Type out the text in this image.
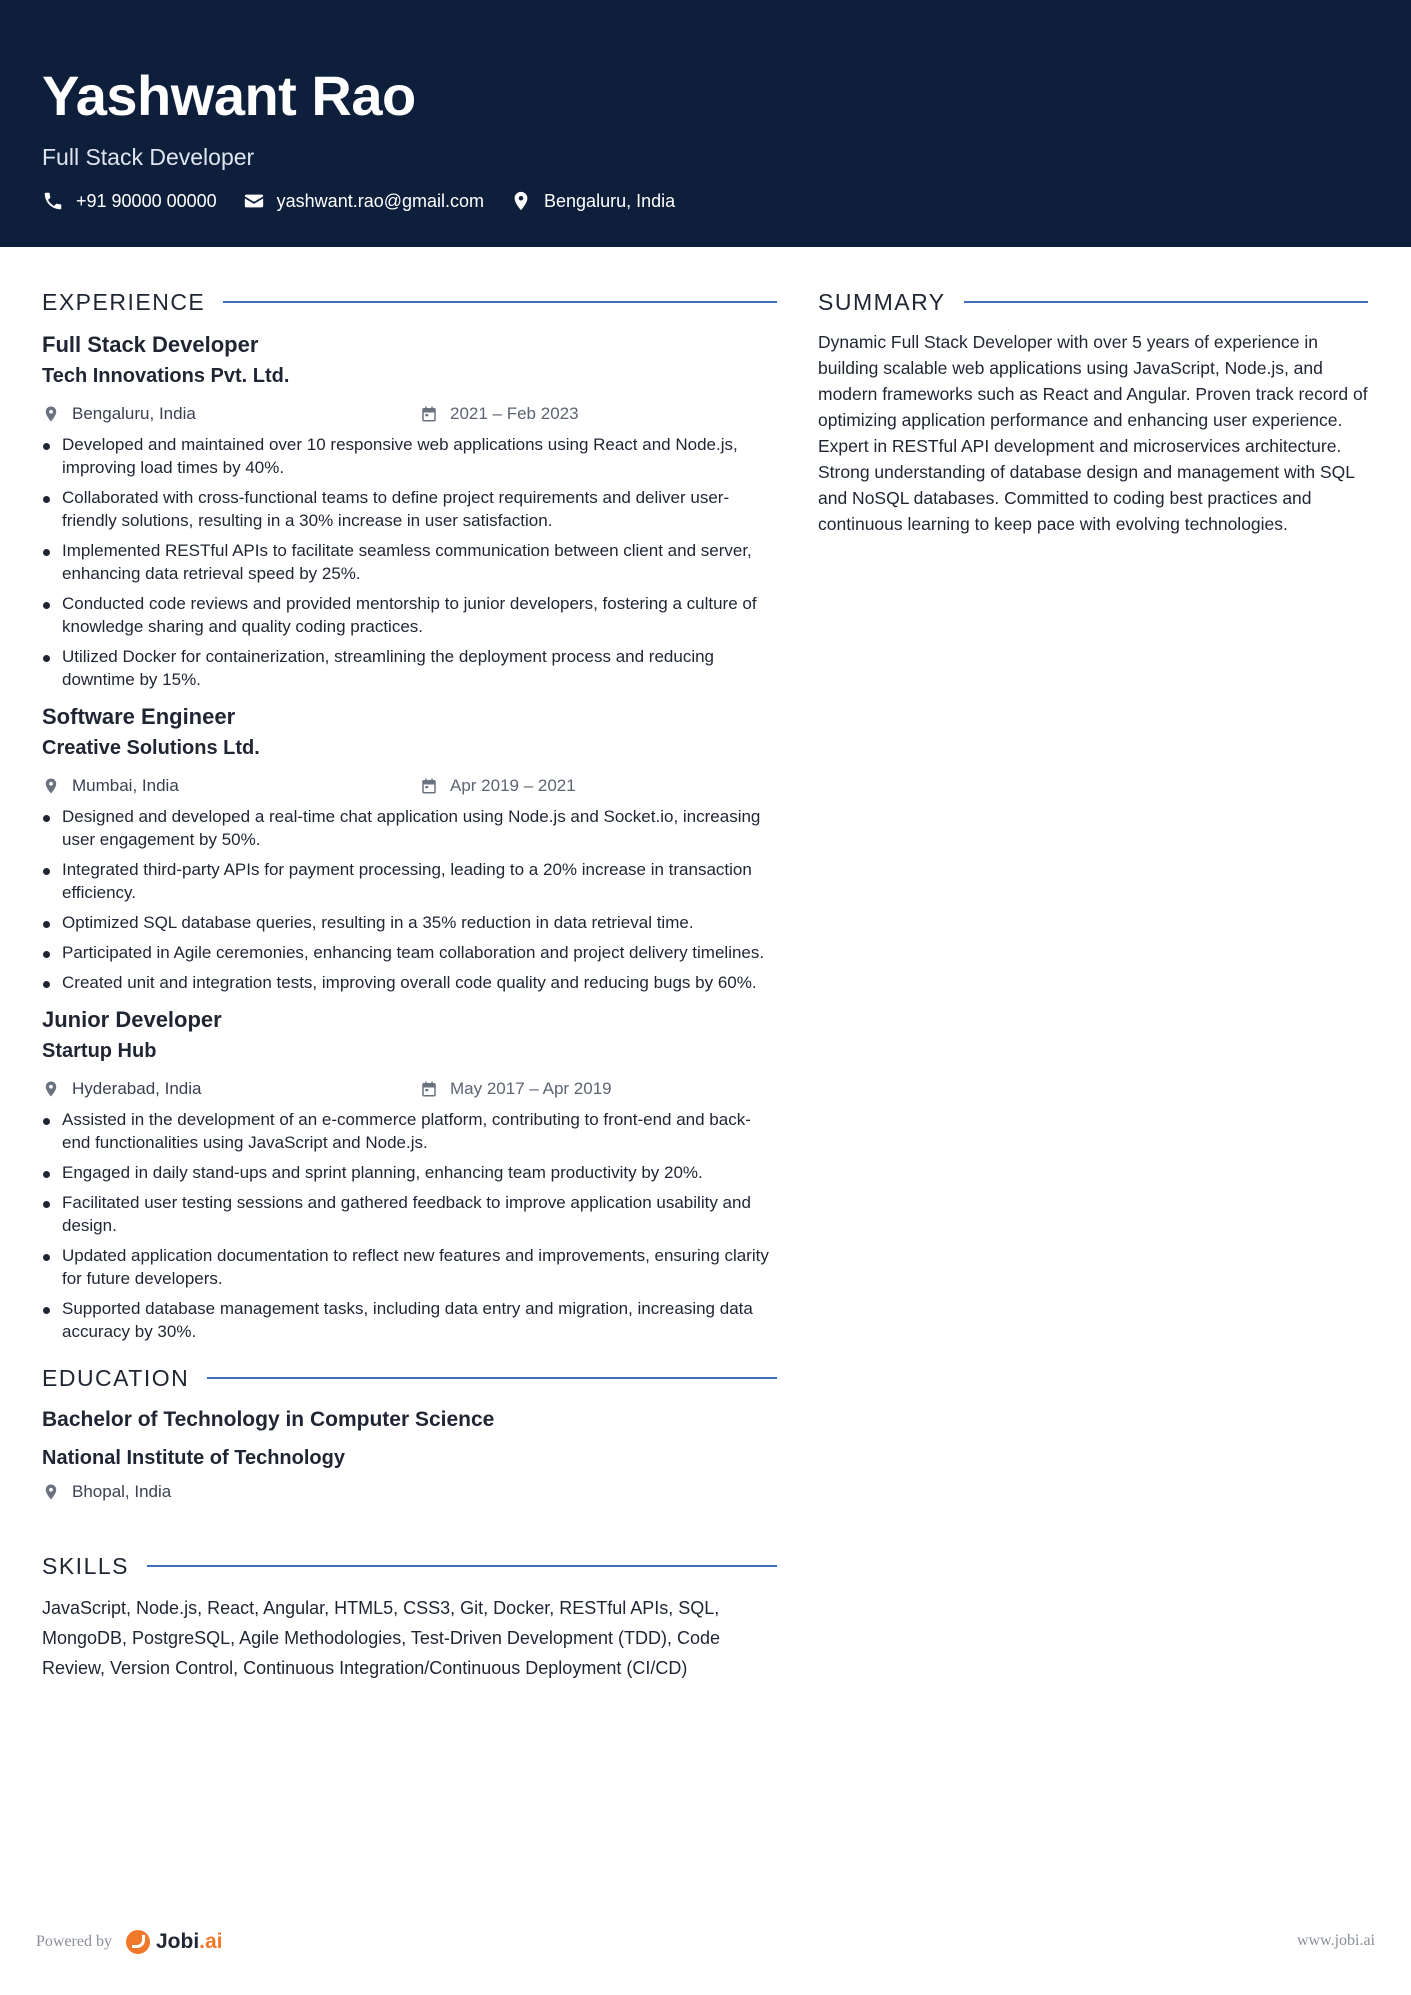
Yashwant Rao
Full Stack Developer
+91 90000 00000	yashwant.rao@gmail.com	Bengaluru, India
EXPERIENCE
Full Stack Developer
Tech Innovations Pvt. Ltd.
Bengaluru, India	2021 – Feb 2023
Developed and maintained over 10 responsive web applications using React and Node.js, improving load times by 40%.
Collaborated with cross-functional teams to define project requirements and deliver user-friendly solutions, resulting in a 30% increase in user satisfaction.
Implemented RESTful APIs to facilitate seamless communication between client and server, enhancing data retrieval speed by 25%.
Conducted code reviews and provided mentorship to junior developers, fostering a culture of knowledge sharing and quality coding practices.
Utilized Docker for containerization, streamlining the deployment process and reducing downtime by 15%.
Software Engineer
Creative Solutions Ltd.
Mumbai, India	Apr 2019 – 2021
Designed and developed a real-time chat application using Node.js and Socket.io, increasing user engagement by 50%.
Integrated third-party APIs for payment processing, leading to a 20% increase in transaction efficiency.
Optimized SQL database queries, resulting in a 35% reduction in data retrieval time.
Participated in Agile ceremonies, enhancing team collaboration and project delivery timelines.
Created unit and integration tests, improving overall code quality and reducing bugs by 60%.
Junior Developer
Startup Hub
Hyderabad, India	May 2017 – Apr 2019
Assisted in the development of an e-commerce platform, contributing to front-end and back-end functionalities using JavaScript and Node.js.
Engaged in daily stand-ups and sprint planning, enhancing team productivity by 20%.
Facilitated user testing sessions and gathered feedback to improve application usability and design.
Updated application documentation to reflect new features and improvements, ensuring clarity for future developers.
Supported database management tasks, including data entry and migration, increasing data accuracy by 30%.
EDUCATION
Bachelor of Technology in Computer Science
National Institute of Technology
Bhopal, India
SKILLS
JavaScript, Node.js, React, Angular, HTML5, CSS3, Git, Docker, RESTful APIs, SQL, MongoDB, PostgreSQL, Agile Methodologies, Test-Driven Development (TDD), Code Review, Version Control, Continuous Integration/Continuous Deployment (CI/CD)
SUMMARY
Dynamic Full Stack Developer with over 5 years of experience in building scalable web applications using JavaScript, Node.js, and modern frameworks such as React and Angular. Proven track record of optimizing application performance and enhancing user experience. Expert in RESTful API development and microservices architecture. Strong understanding of database design and management with SQL and NoSQL databases. Committed to coding best practices and continuous learning to keep pace with evolving technologies.
Powered by Jobi .ai	www.jobi.ai
